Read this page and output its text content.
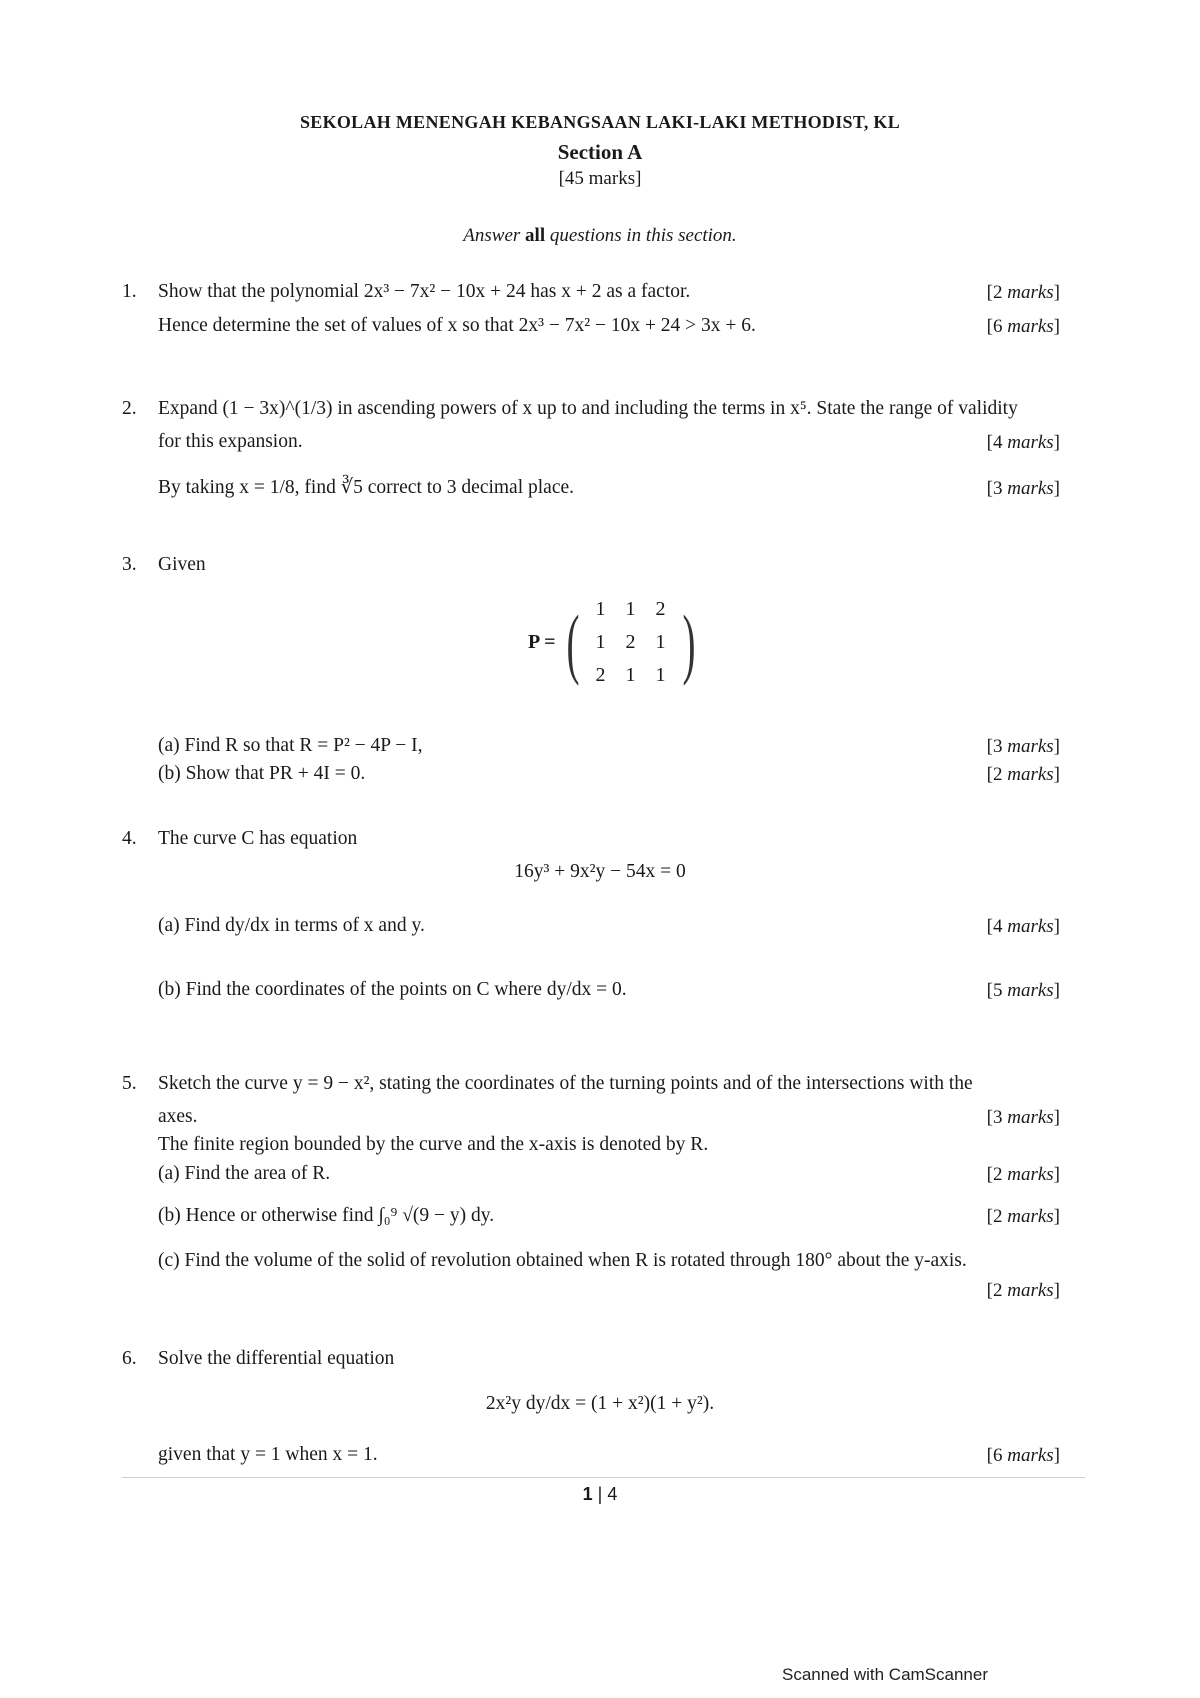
SEKOLAH MENENGAH KEBANGSAAN LAKI-LAKI METHODIST, KL
Section A
[45 marks]
Answer all questions in this section.
1. Show that the polynomial 2x³ − 7x² − 10x + 24 has x + 2 as a factor.	[2 marks]
Hence determine the set of values of x so that 2x³ − 7x² − 10x + 24 > 3x + 6.	[6 marks]
2. Expand (1 − 3x)^(1/3) in ascending powers of x up to and including the terms in x⁵. State the range of validity
for this expansion.	[4 marks]
By taking x = 1/8, find ∛5 correct to 3 decimal place.	[3 marks]
3. Given
P = ( 1	1	2
1	2	1
2	1	1 )
(a) Find R so that R = P² − 4P − I,	[3 marks]
(b) Show that PR + 4I = 0.	[2 marks]
4. The curve C has equation
16y³ + 9x²y − 54x = 0
(a) Find dy/dx in terms of x and y.	[4 marks]
(b) Find the coordinates of the points on C where dy/dx = 0.	[5 marks]
5. Sketch the curve y = 9 − x², stating the coordinates of the turning points and of the intersections with the
axes.	[3 marks]
The finite region bounded by the curve and the x-axis is denoted by R.
(a) Find the area of R.	[2 marks]
(b) Hence or otherwise find ∫₀⁹ √(9 − y) dy.	[2 marks]
(c) Find the volume of the solid of revolution obtained when R is rotated through 180° about the y-axis.
[2 marks]
6. Solve the differential equation
2x²y dy/dx = (1 + x²)(1 + y²).
given that y = 1 when x = 1.	[6 marks]
1 | 4
Scanned with CamScanner
